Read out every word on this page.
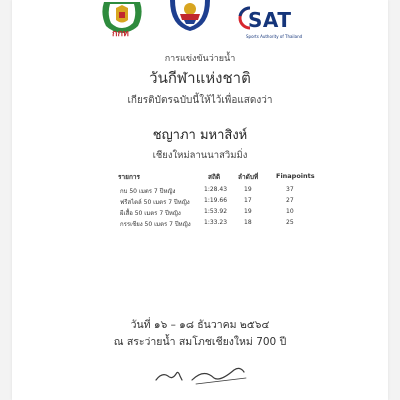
กกท
SAT
Sports Authority of Thailand
การแข่งขันว่ายน้ำ
วันกีฬาแห่งชาติ
เกียรติบัตรฉบับนี้ให้ไว้เพื่อแสดงว่า
ชญาภา มหาสิงห์
เชียงใหม่ลานนาสวิมมิ่ง
รายการ	สถิติ	ลำดับที่	Finapoints
กบ 50 เมตร 7 ปีหญิง	1:28.43	19	37
ฟรีสไตล์ 50 เมตร 7 ปีหญิง 1:19.66	17	27
ผีเสื้อ 50 เมตร 7 ปีหญิง	1:53.92	19	10
กรรเชียง 50 เมตร 7 ปีหญิง 1:33.23	18	25
วันที่ ๑๖ – ๑๘ ธันวาคม ๒๕๖๔
ณ สระว่ายน้ำ สมโภชเชียงใหม่ 700 ปี
